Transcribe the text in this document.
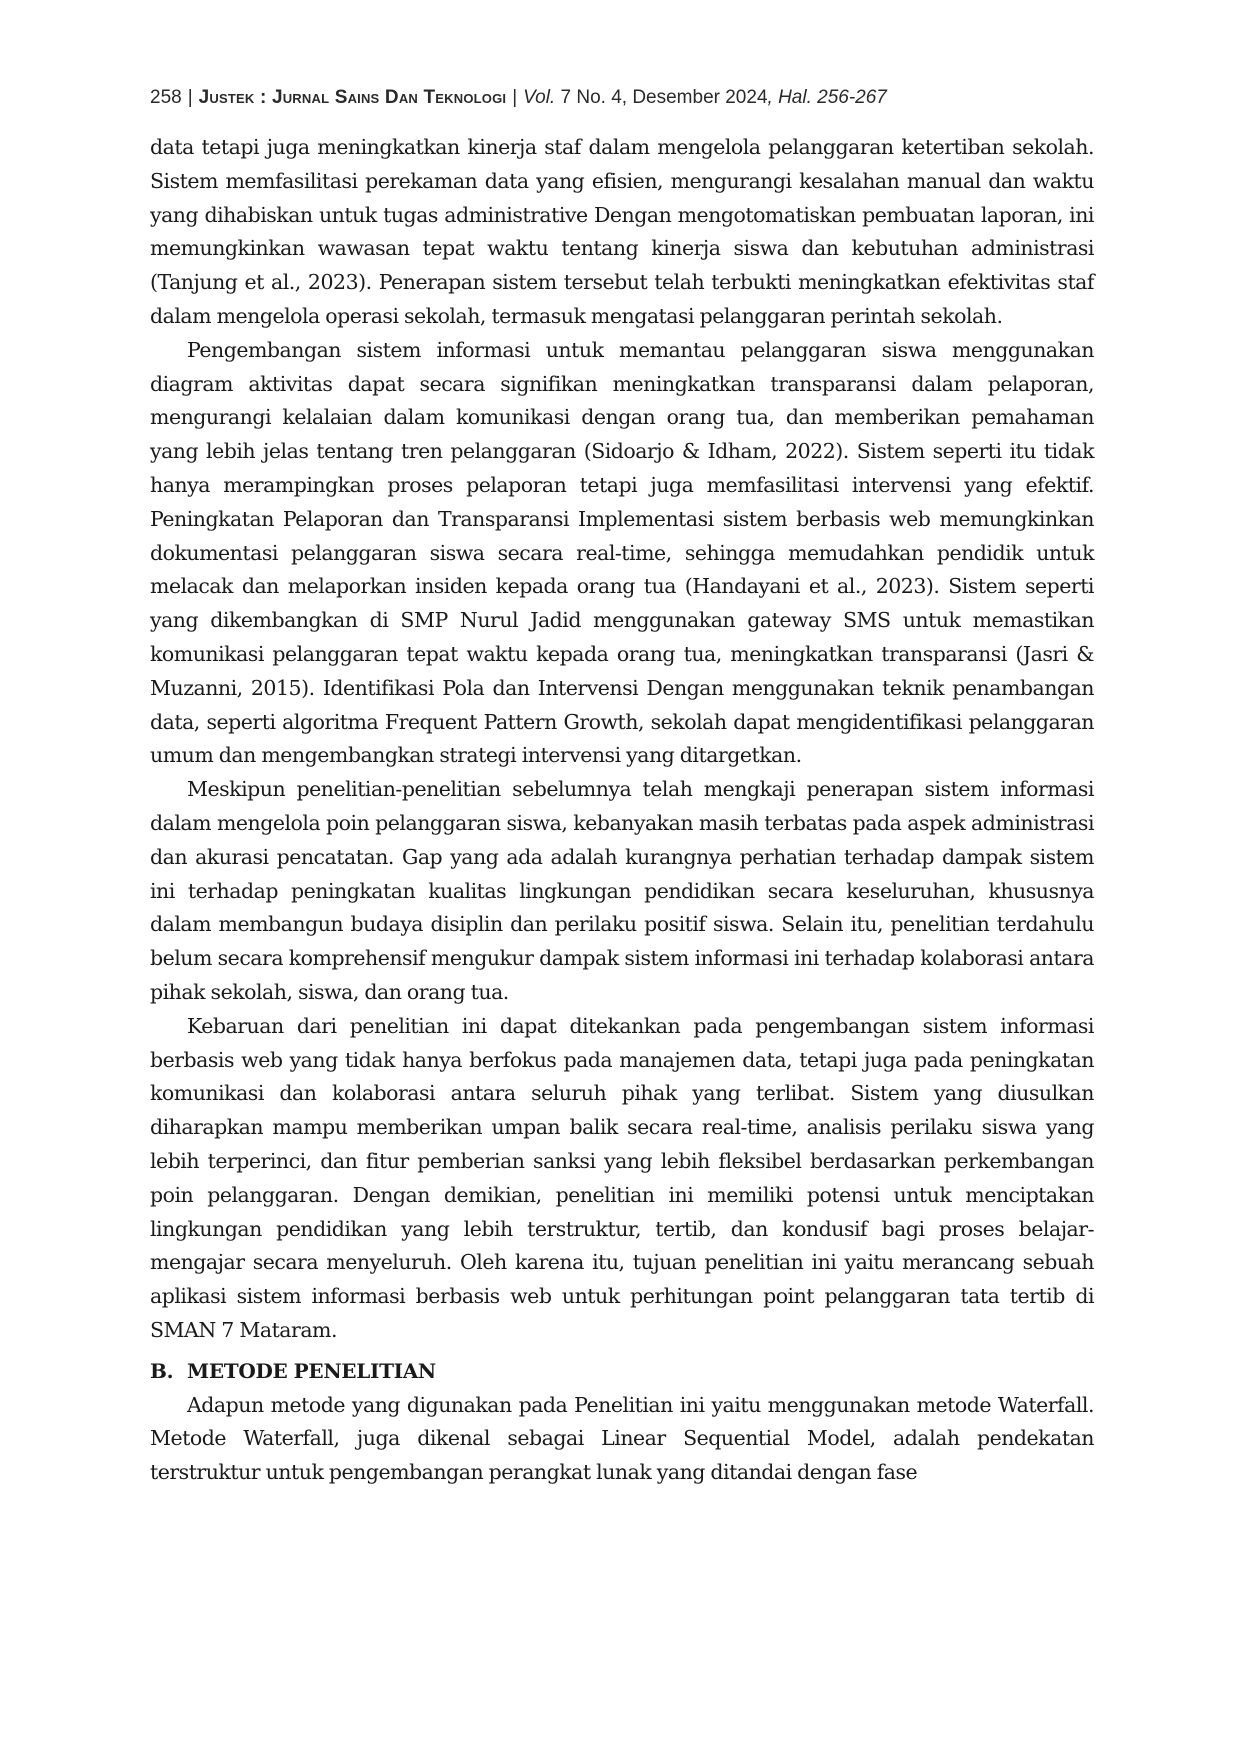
258 | Justek : Jurnal Sains Dan Teknologi | Vol. 7 No. 4, Desember 2024, Hal. 256-267

data tetapi juga meningkatkan kinerja staf dalam mengelola pelanggaran ketertiban sekolah. Sistem memfasilitasi perekaman data yang efisien, mengurangi kesalahan manual dan waktu yang dihabiskan untuk tugas administrative Dengan mengotomatiskan pembuatan laporan, ini memungkinkan wawasan tepat waktu tentang kinerja siswa dan kebutuhan administrasi (Tanjung et al., 2023). Penerapan sistem tersebut telah terbukti meningkatkan efektivitas staf dalam mengelola operasi sekolah, termasuk mengatasi pelanggaran perintah sekolah.

Pengembangan sistem informasi untuk memantau pelanggaran siswa menggunakan diagram aktivitas dapat secara signifikan meningkatkan transparansi dalam pelaporan, mengurangi kelalaian dalam komunikasi dengan orang tua, dan memberikan pemahaman yang lebih jelas tentang tren pelanggaran (Sidoarjo & Idham, 2022). Sistem seperti itu tidak hanya merampingkan proses pelaporan tetapi juga memfasilitasi intervensi yang efektif. Peningkatan Pelaporan dan Transparansi Implementasi sistem berbasis web memungkinkan dokumentasi pelanggaran siswa secara real-time, sehingga memudahkan pendidik untuk melacak dan melaporkan insiden kepada orang tua (Handayani et al., 2023). Sistem seperti yang dikembangkan di SMP Nurul Jadid menggunakan gateway SMS untuk memastikan komunikasi pelanggaran tepat waktu kepada orang tua, meningkatkan transparansi (Jasri & Muzanni, 2015). Identifikasi Pola dan Intervensi Dengan menggunakan teknik penambangan data, seperti algoritma Frequent Pattern Growth, sekolah dapat mengidentifikasi pelanggaran umum dan mengembangkan strategi intervensi yang ditargetkan.

Meskipun penelitian-penelitian sebelumnya telah mengkaji penerapan sistem informasi dalam mengelola poin pelanggaran siswa, kebanyakan masih terbatas pada aspek administrasi dan akurasi pencatatan. Gap yang ada adalah kurangnya perhatian terhadap dampak sistem ini terhadap peningkatan kualitas lingkungan pendidikan secara keseluruhan, khususnya dalam membangun budaya disiplin dan perilaku positif siswa. Selain itu, penelitian terdahulu belum secara komprehensif mengukur dampak sistem informasi ini terhadap kolaborasi antara pihak sekolah, siswa, dan orang tua.

Kebaruan dari penelitian ini dapat ditekankan pada pengembangan sistem informasi berbasis web yang tidak hanya berfokus pada manajemen data, tetapi juga pada peningkatan komunikasi dan kolaborasi antara seluruh pihak yang terlibat. Sistem yang diusulkan diharapkan mampu memberikan umpan balik secara real-time, analisis perilaku siswa yang lebih terperinci, dan fitur pemberian sanksi yang lebih fleksibel berdasarkan perkembangan poin pelanggaran. Dengan demikian, penelitian ini memiliki potensi untuk menciptakan lingkungan pendidikan yang lebih terstruktur, tertib, dan kondusif bagi proses belajar-mengajar secara menyeluruh. Oleh karena itu, tujuan penelitian ini yaitu merancang sebuah aplikasi sistem informasi berbasis web untuk perhitungan point pelanggaran tata tertib di SMAN 7 Mataram.

B. METODE PENELITIAN

Adapun metode yang digunakan pada Penelitian ini yaitu menggunakan metode Waterfall. Metode Waterfall, juga dikenal sebagai Linear Sequential Model, adalah pendekatan terstruktur untuk pengembangan perangkat lunak yang ditandai dengan fase
